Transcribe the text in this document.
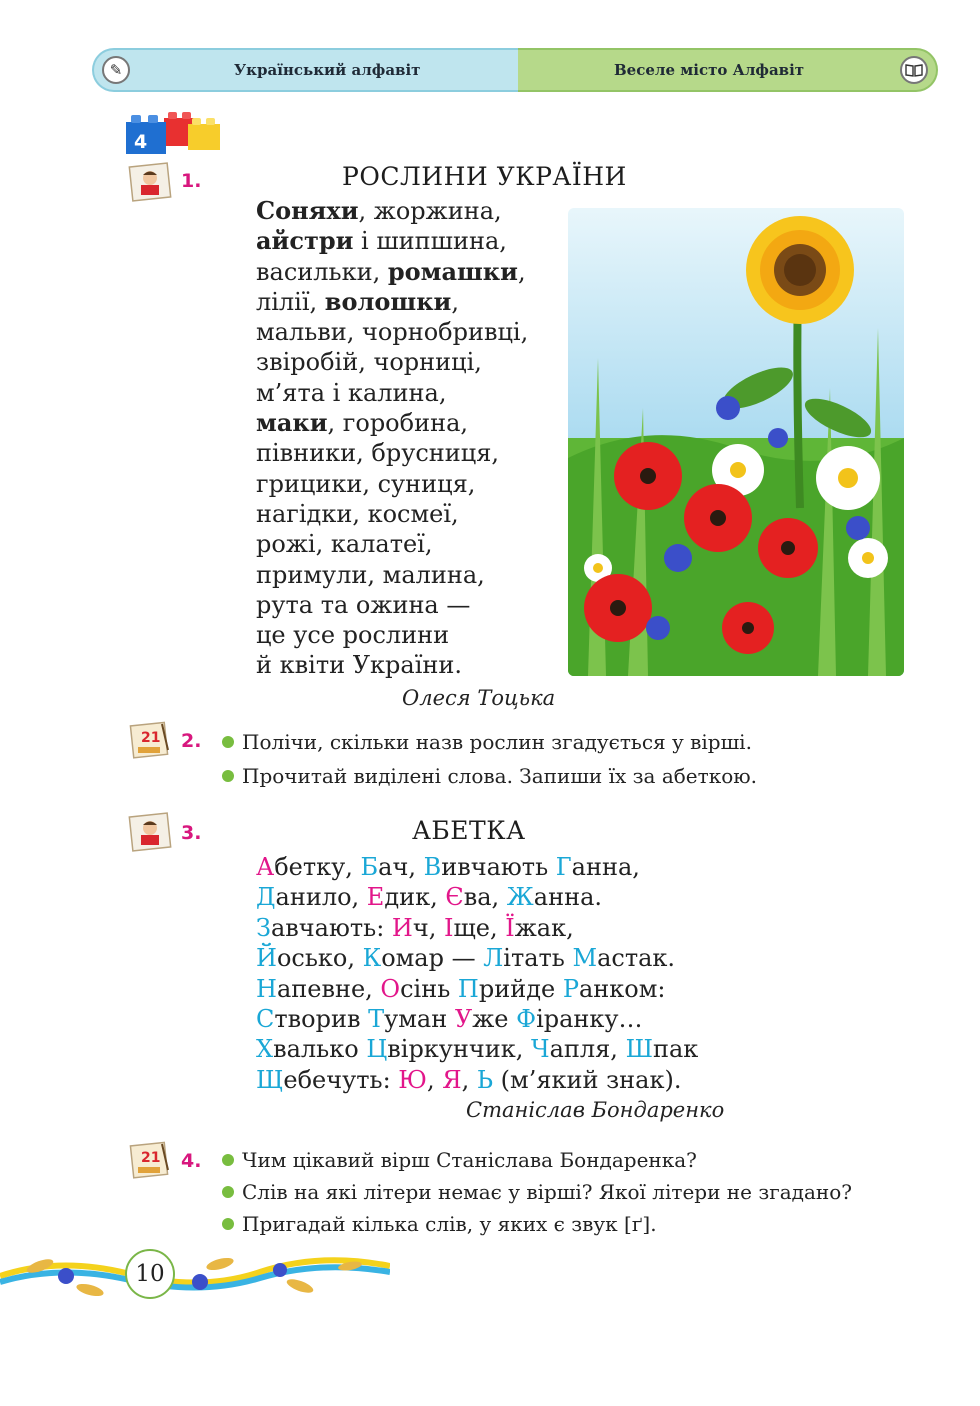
✎	Український алфавіт	Веселе місто Алфавіт
4
1.	РОСЛИНИ УКРАЇНИ
Соняхи, жоржина,
айстри і шипшина,
васильки, ромашки,
лілії, волошки,
мальви, чорнобривці,
звіробій, чорниці,
м’ята і калина,
маки, горобина,
півники, брусниця,
грицики, суниця,
нагідки, космеї,
рожі, калатеї,
примули, малина,
рута та ожина —
це усе рослини
й квіти України.
Олеся Тоцька
21 2.	Полічи, скільки назв рослин згадується у вірші.
Прочитай виділені слова. Запиши їх за абеткою.
3.	АБЕТКА
Абетку, Бач, Вивчають Ганна,
Данило, Едик, Єва, Жанна.
Завчають: Ич, Іще, Їжак,
Йосько, Комар — Літать Мастак.
Напевне, Осінь Прийде Ранком:
Створив Туман Уже Фіранку…
Хвалько Цвіркунчик, Чапля, Шпак
Щебечуть: Ю, Я, Ь (м’який знак).
Станіслав Бондаренко
21 4.	Чим цікавий вірш Станіслава Бондаренка?
Слів на які літери немає у вірші? Якої літери не згадано?
Пригадай кілька слів, у яких є звук [ґ].
10
